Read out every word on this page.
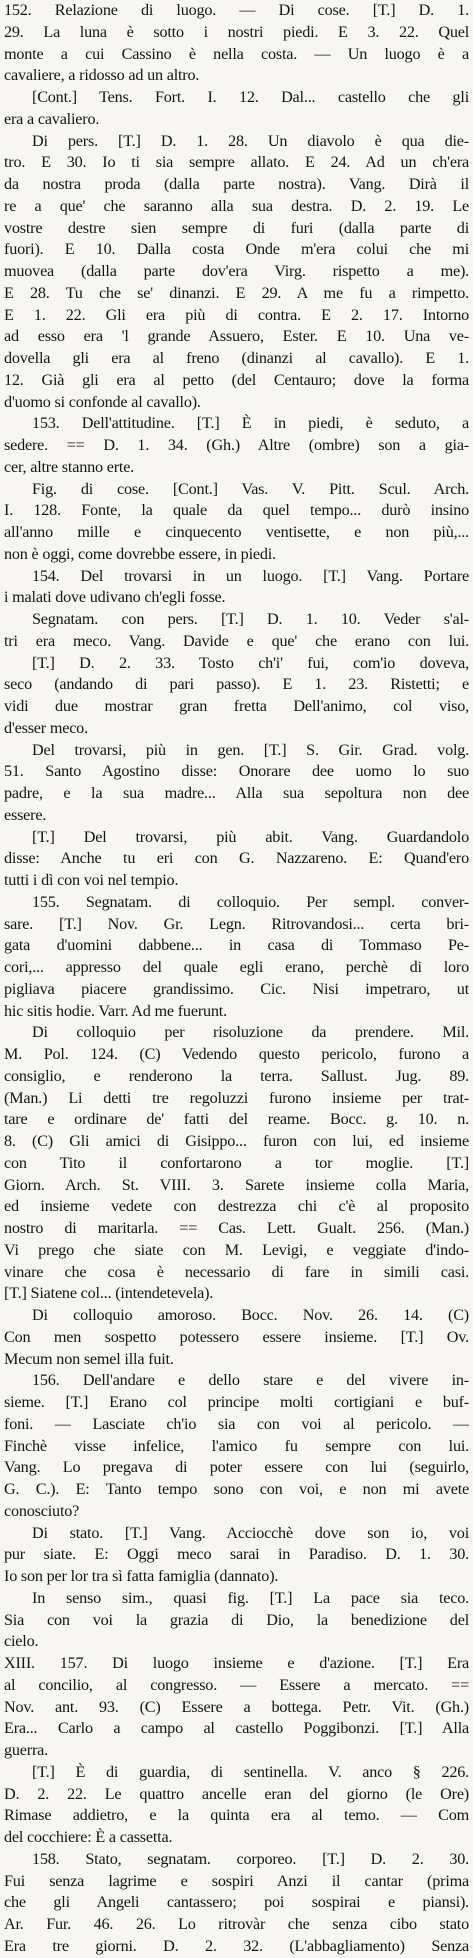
152. Relazione di luogo. — Di cose. [T.] D. 1.
29. La luna è sotto i nostri piedi. E 3. 22. Quel
monte a cui Cassino è nella costa. — Un luogo è a
cavaliere, a ridosso ad un altro.
[Cont.] Tens. Fort. I. 12. Dal... castello che gli
era a cavaliero.
Di pers. [T.] D. 1. 28. Un diavolo è qua die-
tro. E 30. Io ti sia sempre allato. E 24. Ad un ch'era
da nostra proda (dalla parte nostra). Vang. Dirà il
re a que' che saranno alla sua destra. D. 2. 19. Le
vostre destre sien sempre di furi (dalla parte di
fuori). E 10. Dalla costa Onde m'era colui che mi
muovea (dalla parte dov'era Virg. rispetto a me).
E 28. Tu che se' dinanzi. E 29. A me fu a rimpetto.
E 1. 22. Gli era più di contra. E 2. 17. Intorno
ad esso era 'l grande Assuero, Ester. E 10. Una ve-
dovella gli era al freno (dinanzi al cavallo). E 1.
12. Già gli era al petto (del Centauro; dove la forma
d'uomo si confonde al cavallo).
153. Dell'attitudine. [T.] È in piedi, è seduto, a
sedere. == D. 1. 34. (Gh.) Altre (ombre) son a gia-
cer, altre stanno erte.
Fig. di cose. [Cont.] Vas. V. Pitt. Scul. Arch.
I. 128. Fonte, la quale da quel tempo... durò insino
all'anno mille e cinquecento ventisette, e non più,...
non è oggi, come dovrebbe essere, in piedi.
154. Del trovarsi in un luogo. [T.] Vang. Portare
i malati dove udivano ch'egli fosse.
Segnatam. con pers. [T.] D. 1. 10. Veder s'al-
tri era meco. Vang. Davide e que' che erano con lui.
[T.] D. 2. 33. Tosto ch'i' fui, com'io doveva,
seco (andando di pari passo). E 1. 23. Ristetti; e
vidi due mostrar gran fretta Dell'animo, col viso,
d'esser meco.
Del trovarsi, più in gen. [T.] S. Gir. Grad. volg.
51. Santo Agostino disse: Onorare dee uomo lo suo
padre, e la sua madre... Alla sua sepoltura non dee
essere.
[T.] Del trovarsi, più abit. Vang. Guardandolo
disse: Anche tu eri con G. Nazzareno. E: Quand'ero
tutti i dì con voi nel tempio.
155. Segnatam. di colloquio. Per sempl. conver-
sare. [T.] Nov. Gr. Legn. Ritrovandosi... certa bri-
gata d'uomini dabbene... in casa di Tommaso Pe-
cori,... appresso del quale egli erano, perchè di loro
pigliava piacere grandissimo. Cic. Nisi impetraro, ut
hic sitis hodie. Varr. Ad me fuerunt.
Di colloquio per risoluzione da prendere. Mil.
M. Pol. 124. (C) Vedendo questo pericolo, furono a
consiglio, e renderono la terra. Sallust. Jug. 89.
(Man.) Li detti tre regoluzzi furono insieme per trat-
tare e ordinare de' fatti del reame. Bocc. g. 10. n.
8. (C) Gli amici di Gisippo... furon con lui, ed insieme
con Tito il confortarono a tor moglie. [T.]
Giorn. Arch. St. VIII. 3. Sarete insieme colla Maria,
ed insieme vedete con destrezza chi c'è al proposito
nostro di maritarla. == Cas. Lett. Gualt. 256. (Man.)
Vi prego che siate con M. Levigi, e veggiate d'indo-
vinare che cosa è necessario di fare in simili casi.
[T.] Siatene col... (intendetevela).
Di colloquio amoroso. Bocc. Nov. 26. 14. (C)
Con men sospetto potessero essere insieme. [T.] Ov.
Mecum non semel illa fuit.
156. Dell'andare e dello stare e del vivere in-
sieme. [T.] Erano col principe molti cortigiani e buf-
foni. — Lasciate ch'io sia con voi al pericolo. —
Finchè visse infelice, l'amico fu sempre con lui.
Vang. Lo pregava di poter essere con lui (seguirlo,
G. C.). E: Tanto tempo sono con voi, e non mi avete
conosciuto?
Di stato. [T.] Vang. Acciocchè dove son io, voi
pur siate. E: Oggi meco sarai in Paradiso. D. 1. 30.
Io son per lor tra sì fatta famiglia (dannato).
In senso sim., quasi fig. [T.] La pace sia teco.
Sia con voi la grazia di Dio, la benedizione del
cielo.
XIII. 157. Di luogo insieme e d'azione. [T.] Era
al concilio, al congresso. — Essere a mercato. ==
Nov. ant. 93. (C) Essere a bottega. Petr. Vit. (Gh.)
Era... Carlo a campo al castello Poggibonzi. [T.] Alla
guerra.
[T.] È di guardia, di sentinella. V. anco § 226.
D. 2. 22. Le quattro ancelle eran del giorno (le Ore)
Rimase addietro, e la quinta era al temo. — Com
del cocchiere: È a cassetta.
158. Stato, segnatam. corporeo. [T.] D. 2. 30.
Fui senza lagrime e sospiri Anzi il cantar (prima
che gli Angeli cantassero; poi sospirai e piansi).
Ar. Fur. 46. 26. Lo ritrovàr che senza cibo stato
Era tre giorni. D. 2. 32. (L'abbagliamento) Senza
